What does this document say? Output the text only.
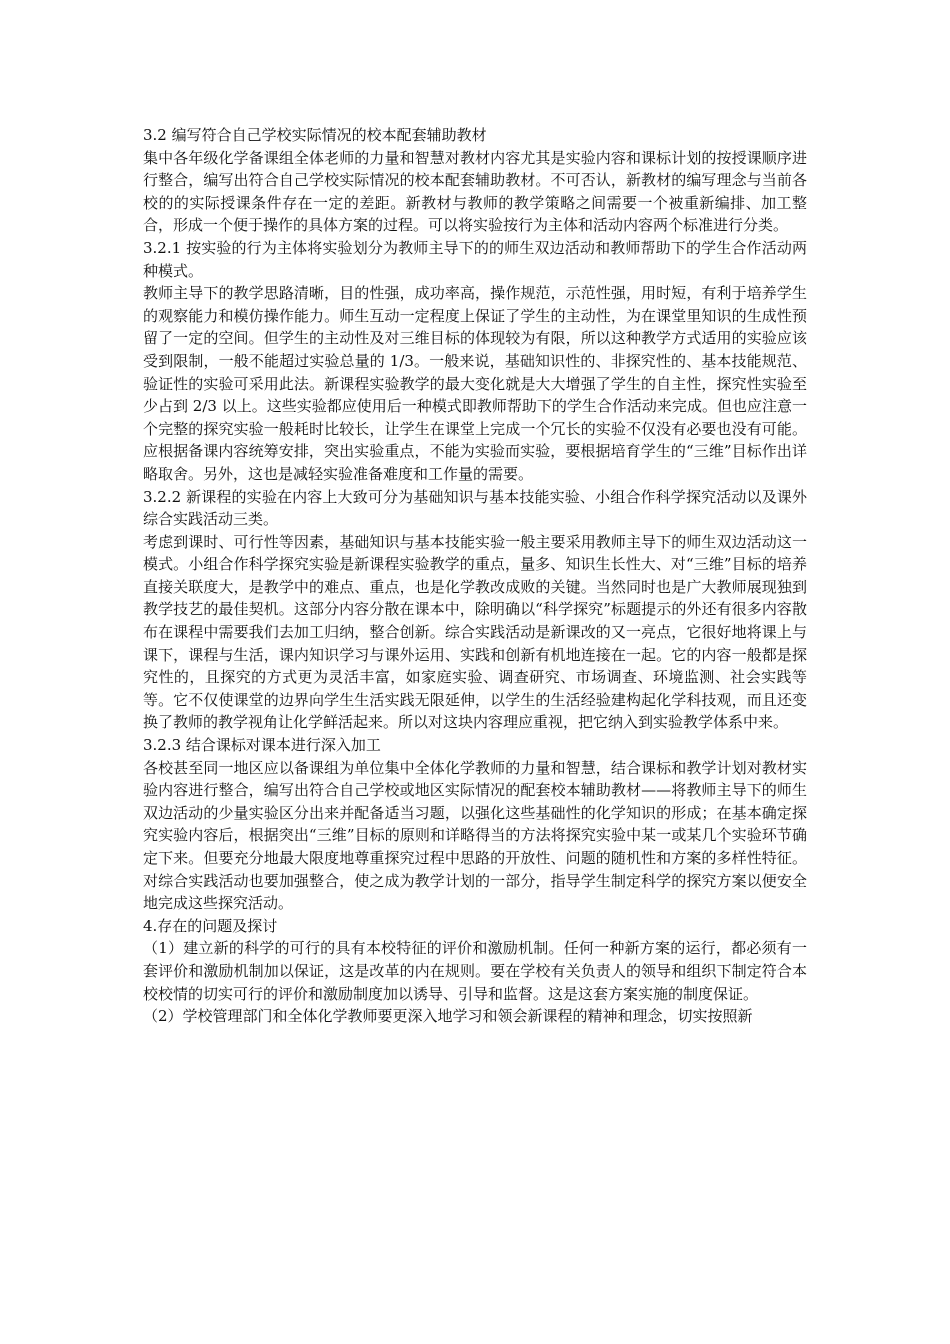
3.2 编写符合自己学校实际情况的校本配套辅助教材

集中各年级化学备课组全体老师的力量和智慧对教材内容尤其是实验内容和课标计划的按授课顺序进行整合，编写出符合自己学校实际情况的校本配套辅助教材。不可否认，新教材的编写理念与当前各校的的实际授课条件存在一定的差距。新教材与教师的教学策略之间需要一个被重新编排、加工整合，形成一个便于操作的具体方案的过程。可以将实验按行为主体和活动内容两个标准进行分类。

3.2.1 按实验的行为主体将实验划分为教师主导下的的师生双边活动和教师帮助下的学生合作活动两种模式。

教师主导下的教学思路清晰，目的性强，成功率高，操作规范，示范性强，用时短，有利于培养学生的观察能力和模仿操作能力。师生互动一定程度上保证了学生的主动性，为在课堂里知识的生成性预留了一定的空间。但学生的主动性及对三维目标的体现较为有限，所以这种教学方式适用的实验应该受到限制，一般不能超过实验总量的 1/3。一般来说，基础知识性的、非探究性的、基本技能规范、验证性的实验可采用此法。新课程实验教学的最大变化就是大大增强了学生的自主性，探究性实验至少占到 2/3 以上。这些实验都应使用后一种模式即教师帮助下的学生合作活动来完成。但也应注意一个完整的探究实验一般耗时比较长，让学生在课堂上完成一个冗长的实验不仅没有必要也没有可能。应根据备课内容统筹安排，突出实验重点，不能为实验而实验，要根据培育学生的“三维”目标作出详略取舍。另外，这也是减轻实验准备难度和工作量的需要。

3.2.2 新课程的实验在内容上大致可分为基础知识与基本技能实验、小组合作科学探究活动以及课外综合实践活动三类。

考虑到课时、可行性等因素，基础知识与基本技能实验一般主要采用教师主导下的师生双边活动这一模式。小组合作科学探究实验是新课程实验教学的重点，量多、知识生长性大、对“三维”目标的培养直接关联度大，是教学中的难点、重点，也是化学教改成败的关键。当然同时也是广大教师展现独到教学技艺的最佳契机。这部分内容分散在课本中，除明确以“科学探究”标题提示的外还有很多内容散布在课程中需要我们去加工归纳，整合创新。综合实践活动是新课改的又一亮点，它很好地将课上与课下，课程与生活，课内知识学习与课外运用、实践和创新有机地连接在一起。它的内容一般都是探究性的，且探究的方式更为灵活丰富，如家庭实验、调查研究、市场调查、环境监测、社会实践等等。它不仅使课堂的边界向学生生活实践无限延伸，以学生的生活经验建构起化学科技观，而且还变换了教师的教学视角让化学鲜活起来。所以对这块内容理应重视，把它纳入到实验教学体系中来。

3.2.3 结合课标对课本进行深入加工

各校甚至同一地区应以备课组为单位集中全体化学教师的力量和智慧，结合课标和教学计划对教材实验内容进行整合，编写出符合自己学校或地区实际情况的配套校本辅助教材——将教师主导下的师生双边活动的少量实验区分出来并配备适当习题，以强化这些基础性的化学知识的形成；在基本确定探究实验内容后，根据突出“三维”目标的原则和详略得当的方法将探究实验中某一或某几个实验环节确定下来。但要充分地最大限度地尊重探究过程中思路的开放性、问题的随机性和方案的多样性特征。对综合实践活动也要加强整合，使之成为教学计划的一部分，指导学生制定科学的探究方案以便安全地完成这些探究活动。

4.存在的问题及探讨

（1）建立新的科学的可行的具有本校特征的评价和激励机制。任何一种新方案的运行，都必须有一套评价和激励机制加以保证，这是改革的内在规则。要在学校有关负责人的领导和组织下制定符合本校校情的切实可行的评价和激励制度加以诱导、引导和监督。这是这套方案实施的制度保证。

（2）学校管理部门和全体化学教师要更深入地学习和领会新课程的精神和理念，切实按照新
